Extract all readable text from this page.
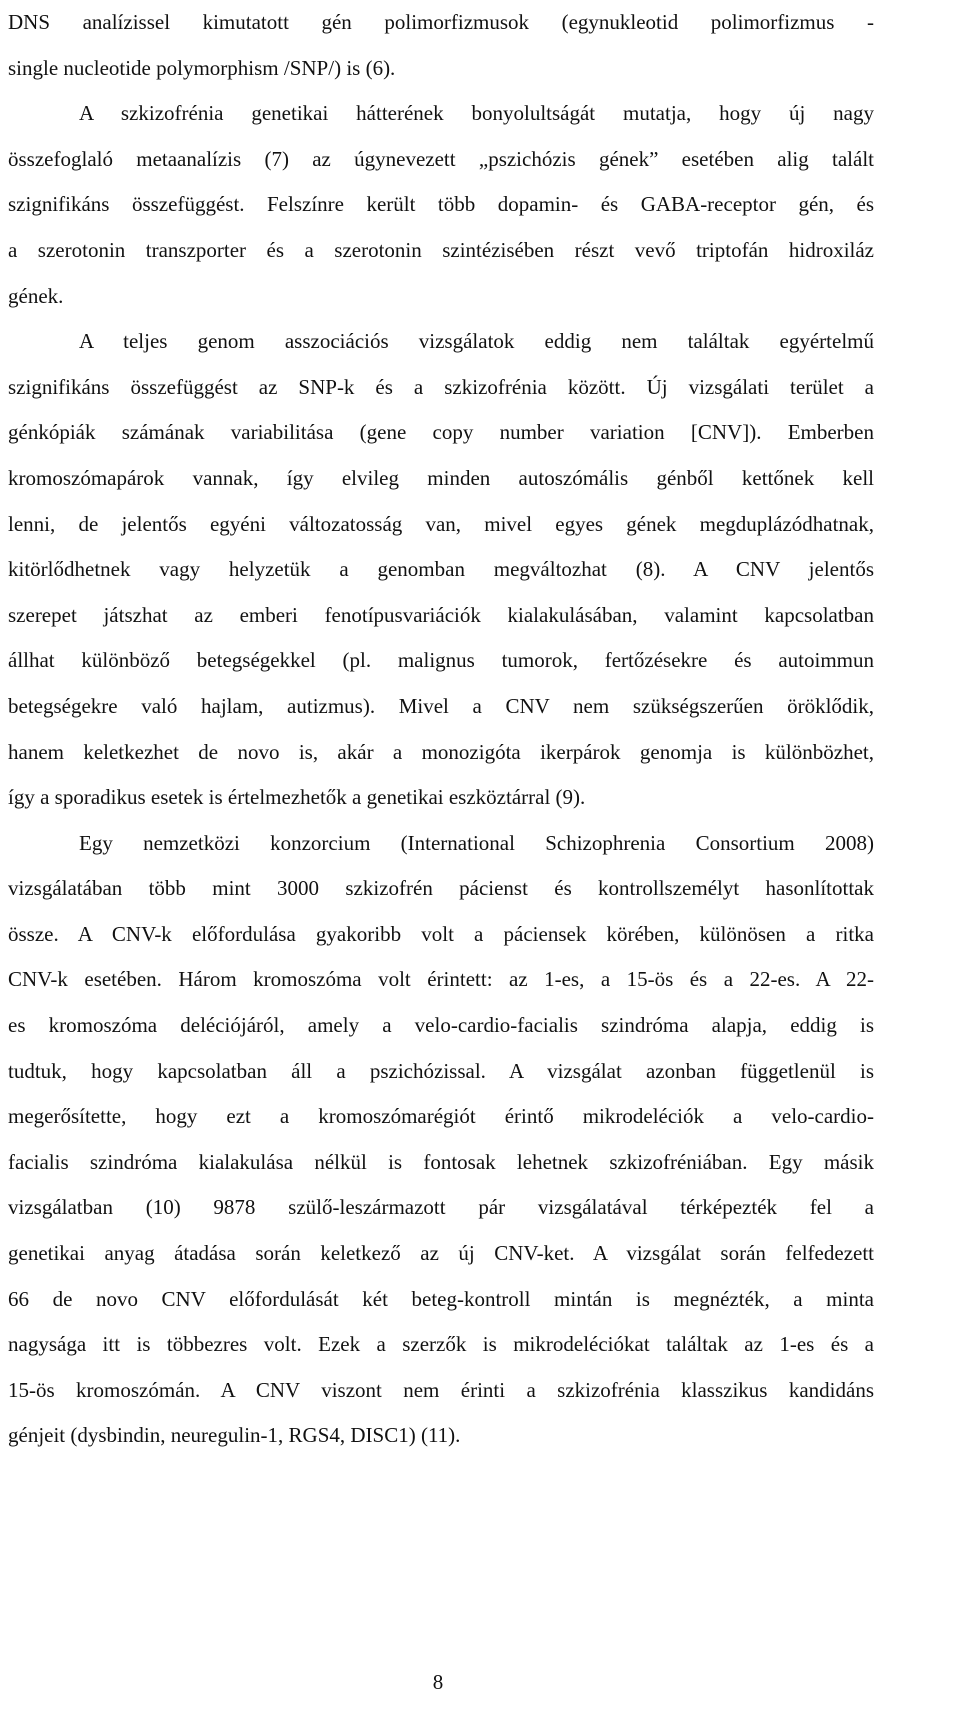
DNS analízissel kimutatott gén polimorfizmusok (egynukleotid polimorfizmus -
single nucleotide polymorphism /SNP/) is (6).
A szkizofrénia genetikai hátterének bonyolultságát mutatja, hogy új nagy
összefoglaló metaanalízis (7) az úgynevezett „pszichózis gének” esetében alig talált
szignifikáns összefüggést. Felszínre került több dopamin- és GABA-receptor gén, és
a szerotonin transzporter és a szerotonin szintézisében részt vevő triptofán hidroxiláz
gének.
A teljes genom asszociációs vizsgálatok eddig nem találtak egyértelmű
szignifikáns összefüggést az SNP-k és a szkizofrénia között. Új vizsgálati terület a
génkópiák számának variabilitása (gene copy number variation [CNV]). Emberben
kromoszómapárok vannak, így elvileg minden autoszómális génből kettőnek kell
lenni, de jelentős egyéni változatosság van, mivel egyes gének megduplázódhatnak,
kitörlődhetnek vagy helyzetük a genomban megváltozhat (8). A CNV jelentős
szerepet játszhat az emberi fenotípusvariációk kialakulásában, valamint kapcsolatban
állhat különböző betegségekkel (pl. malignus tumorok, fertőzésekre és autoimmun
betegségekre való hajlam, autizmus). Mivel a CNV nem szükségszerűen öröklődik,
hanem keletkezhet de novo is, akár a monozigóta ikerpárok genomja is különbözhet,
így a sporadikus esetek is értelmezhetők a genetikai eszköztárral (9).
Egy nemzetközi konzorcium (International Schizophrenia Consortium 2008)
vizsgálatában több mint 3000 szkizofrén pácienst és kontrollszemélyt hasonlítottak
össze. A CNV-k előfordulása gyakoribb volt a páciensek körében, különösen a ritka
CNV-k esetében. Három kromoszóma volt érintett: az 1-es, a 15-ös és a 22-es. A 22-
es kromoszóma deléciójáról, amely a velo-cardio-facialis szindróma alapja, eddig is
tudtuk, hogy kapcsolatban áll a pszichózissal. A vizsgálat azonban függetlenül is
megerősítette, hogy ezt a kromoszómarégiót érintő mikrodeléciók a velo-cardio-
facialis szindróma kialakulása nélkül is fontosak lehetnek szkizofréniában. Egy másik
vizsgálatban (10) 9878 szülő-leszármazott pár vizsgálatával térképezték fel a
genetikai anyag átadása során keletkező az új CNV-ket. A vizsgálat során felfedezett
66 de novo CNV előfordulását két beteg-kontroll mintán is megnézték, a minta
nagysága itt is többezres volt. Ezek a szerzők is mikrodeléciókat találtak az 1-es és a
15-ös kromoszómán. A CNV viszont nem érinti a szkizofrénia klasszikus kandidáns
génjeit (dysbindin, neuregulin-1, RGS4, DISC1) (11).
8
